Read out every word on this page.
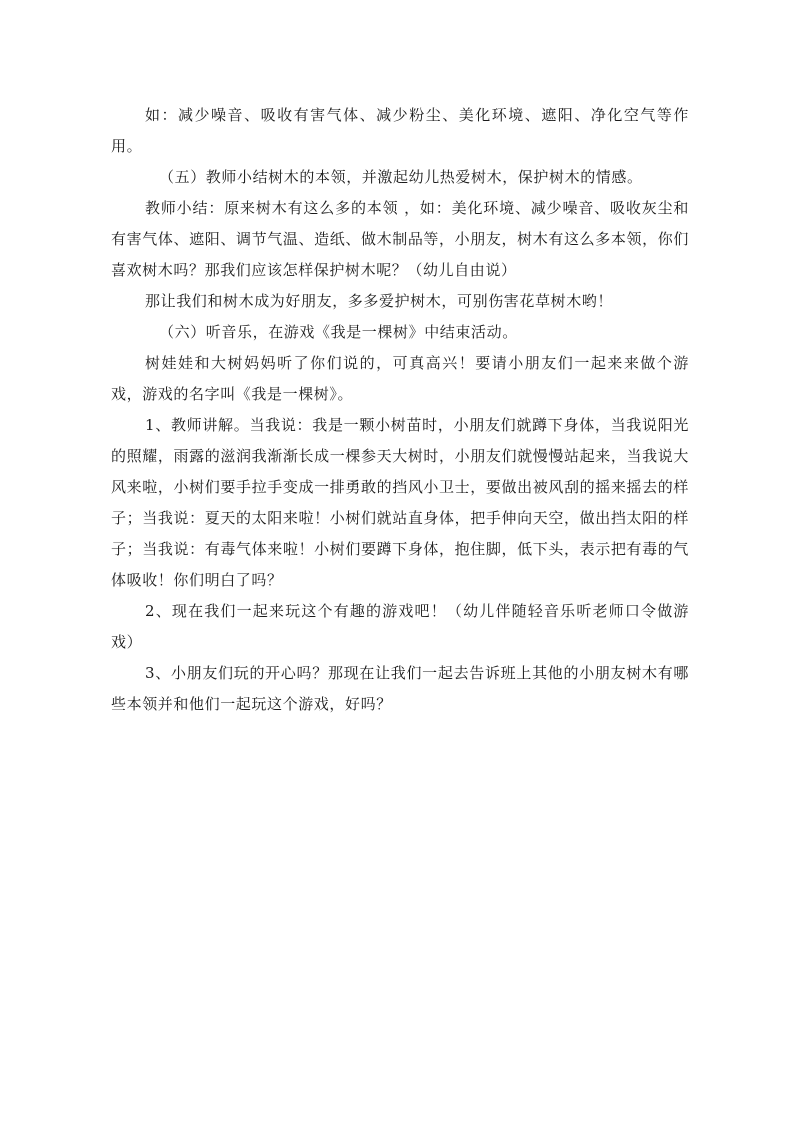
如：减少噪音、吸收有害气体、减少粉尘、美化环境、遮阳、净化空气等作用。

（五）教师小结树木的本领，并激起幼儿热爱树木，保护树木的情感。

教师小结：原来树木有这么多的本领 ，如：美化环境、减少噪音、吸收灰尘和有害气体、遮阳、调节气温、造纸、做木制品等，小朋友，树木有这么多本领，你们喜欢树木吗？那我们应该怎样保护树木呢？（幼儿自由说）

那让我们和树木成为好朋友，多多爱护树木，可别伤害花草树木哟！

（六）听音乐，在游戏《我是一棵树》中结束活动。

树娃娃和大树妈妈听了你们说的，可真高兴！要请小朋友们一起来来做个游戏，游戏的名字叫《我是一棵树》。

1、教师讲解。当我说：我是一颗小树苗时，小朋友们就蹲下身体，当我说阳光的照耀，雨露的滋润我渐渐长成一棵参天大树时，小朋友们就慢慢站起来，当我说大风来啦，小树们要手拉手变成一排勇敢的挡风小卫士，要做出被风刮的摇来摇去的样子；当我说：夏天的太阳来啦！小树们就站直身体，把手伸向天空，做出挡太阳的样子；当我说：有毒气体来啦！小树们要蹲下身体，抱住脚，低下头，表示把有毒的气体吸收！你们明白了吗？

2、现在我们一起来玩这个有趣的游戏吧！（幼儿伴随轻音乐听老师口令做游戏）

3、小朋友们玩的开心吗？那现在让我们一起去告诉班上其他的小朋友树木有哪些本领并和他们一起玩这个游戏，好吗？
